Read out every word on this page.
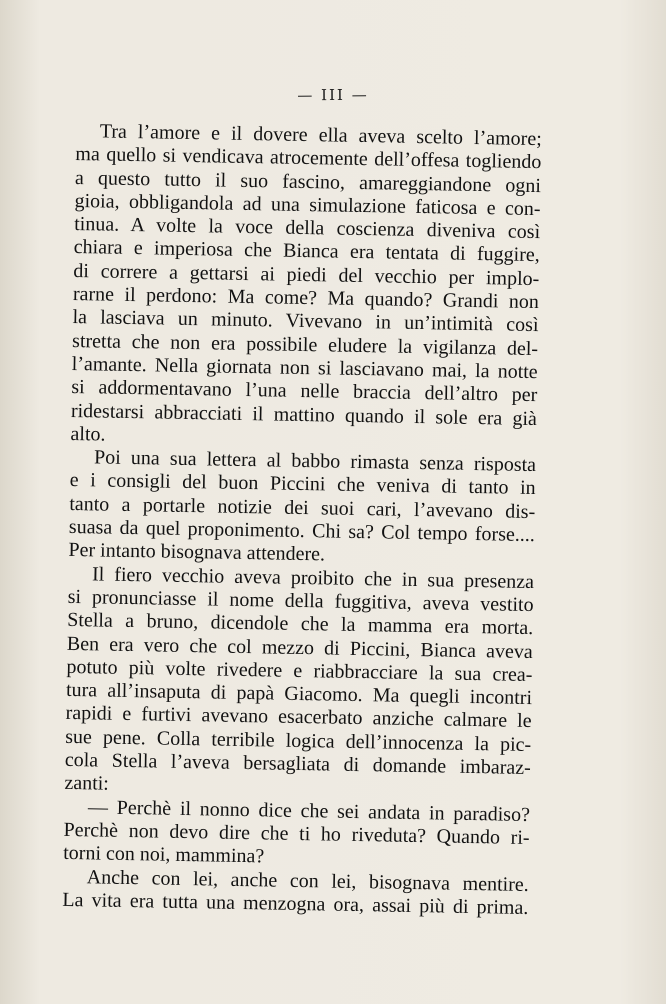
— III —
Tra l’amore e il dovere ella aveva scelto l’amore;
ma quello si vendicava atrocemente dell’offesa togliendo
a questo tutto il suo fascino, amareggiandone ogni
gioia, obbligandola ad una simulazione faticosa e con-
tinua. A volte la voce della coscienza diveniva così
chiara e imperiosa che Bianca era tentata di fuggire,
di correre a gettarsi ai piedi del vecchio per implo-
rarne il perdono: Ma come? Ma quando? Grandi non
la lasciava un minuto. Vivevano in un’intimità così
stretta che non era possibile eludere la vigilanza del-
l’amante. Nella giornata non si lasciavano mai, la notte
si addormentavano l’una nelle braccia dell’altro per
ridestarsi abbracciati il mattino quando il sole era già
alto.
Poi una sua lettera al babbo rimasta senza risposta
e i consigli del buon Piccini che veniva di tanto in
tanto a portarle notizie dei suoi cari, l’avevano dis-
suasa da quel proponimento. Chi sa? Col tempo forse....
Per intanto bisognava attendere.
Il fiero vecchio aveva proibito che in sua presenza
si pronunciasse il nome della fuggitiva, aveva vestito
Stella a bruno, dicendole che la mamma era morta.
Ben era vero che col mezzo di Piccini, Bianca aveva
potuto più volte rivedere e riabbracciare la sua crea-
tura all’insaputa di papà Giacomo. Ma quegli incontri
rapidi e furtivi avevano esacerbato anziche calmare le
sue pene. Colla terribile logica dell’innocenza la pic-
cola Stella l’aveva bersagliata di domande imbaraz-
zanti:
— Perchè il nonno dice che sei andata in paradiso?
Perchè non devo dire che ti ho riveduta? Quando ri-
torni con noi, mammina?
Anche con lei, anche con lei, bisognava mentire.
La vita era tutta una menzogna ora, assai più di prima.
